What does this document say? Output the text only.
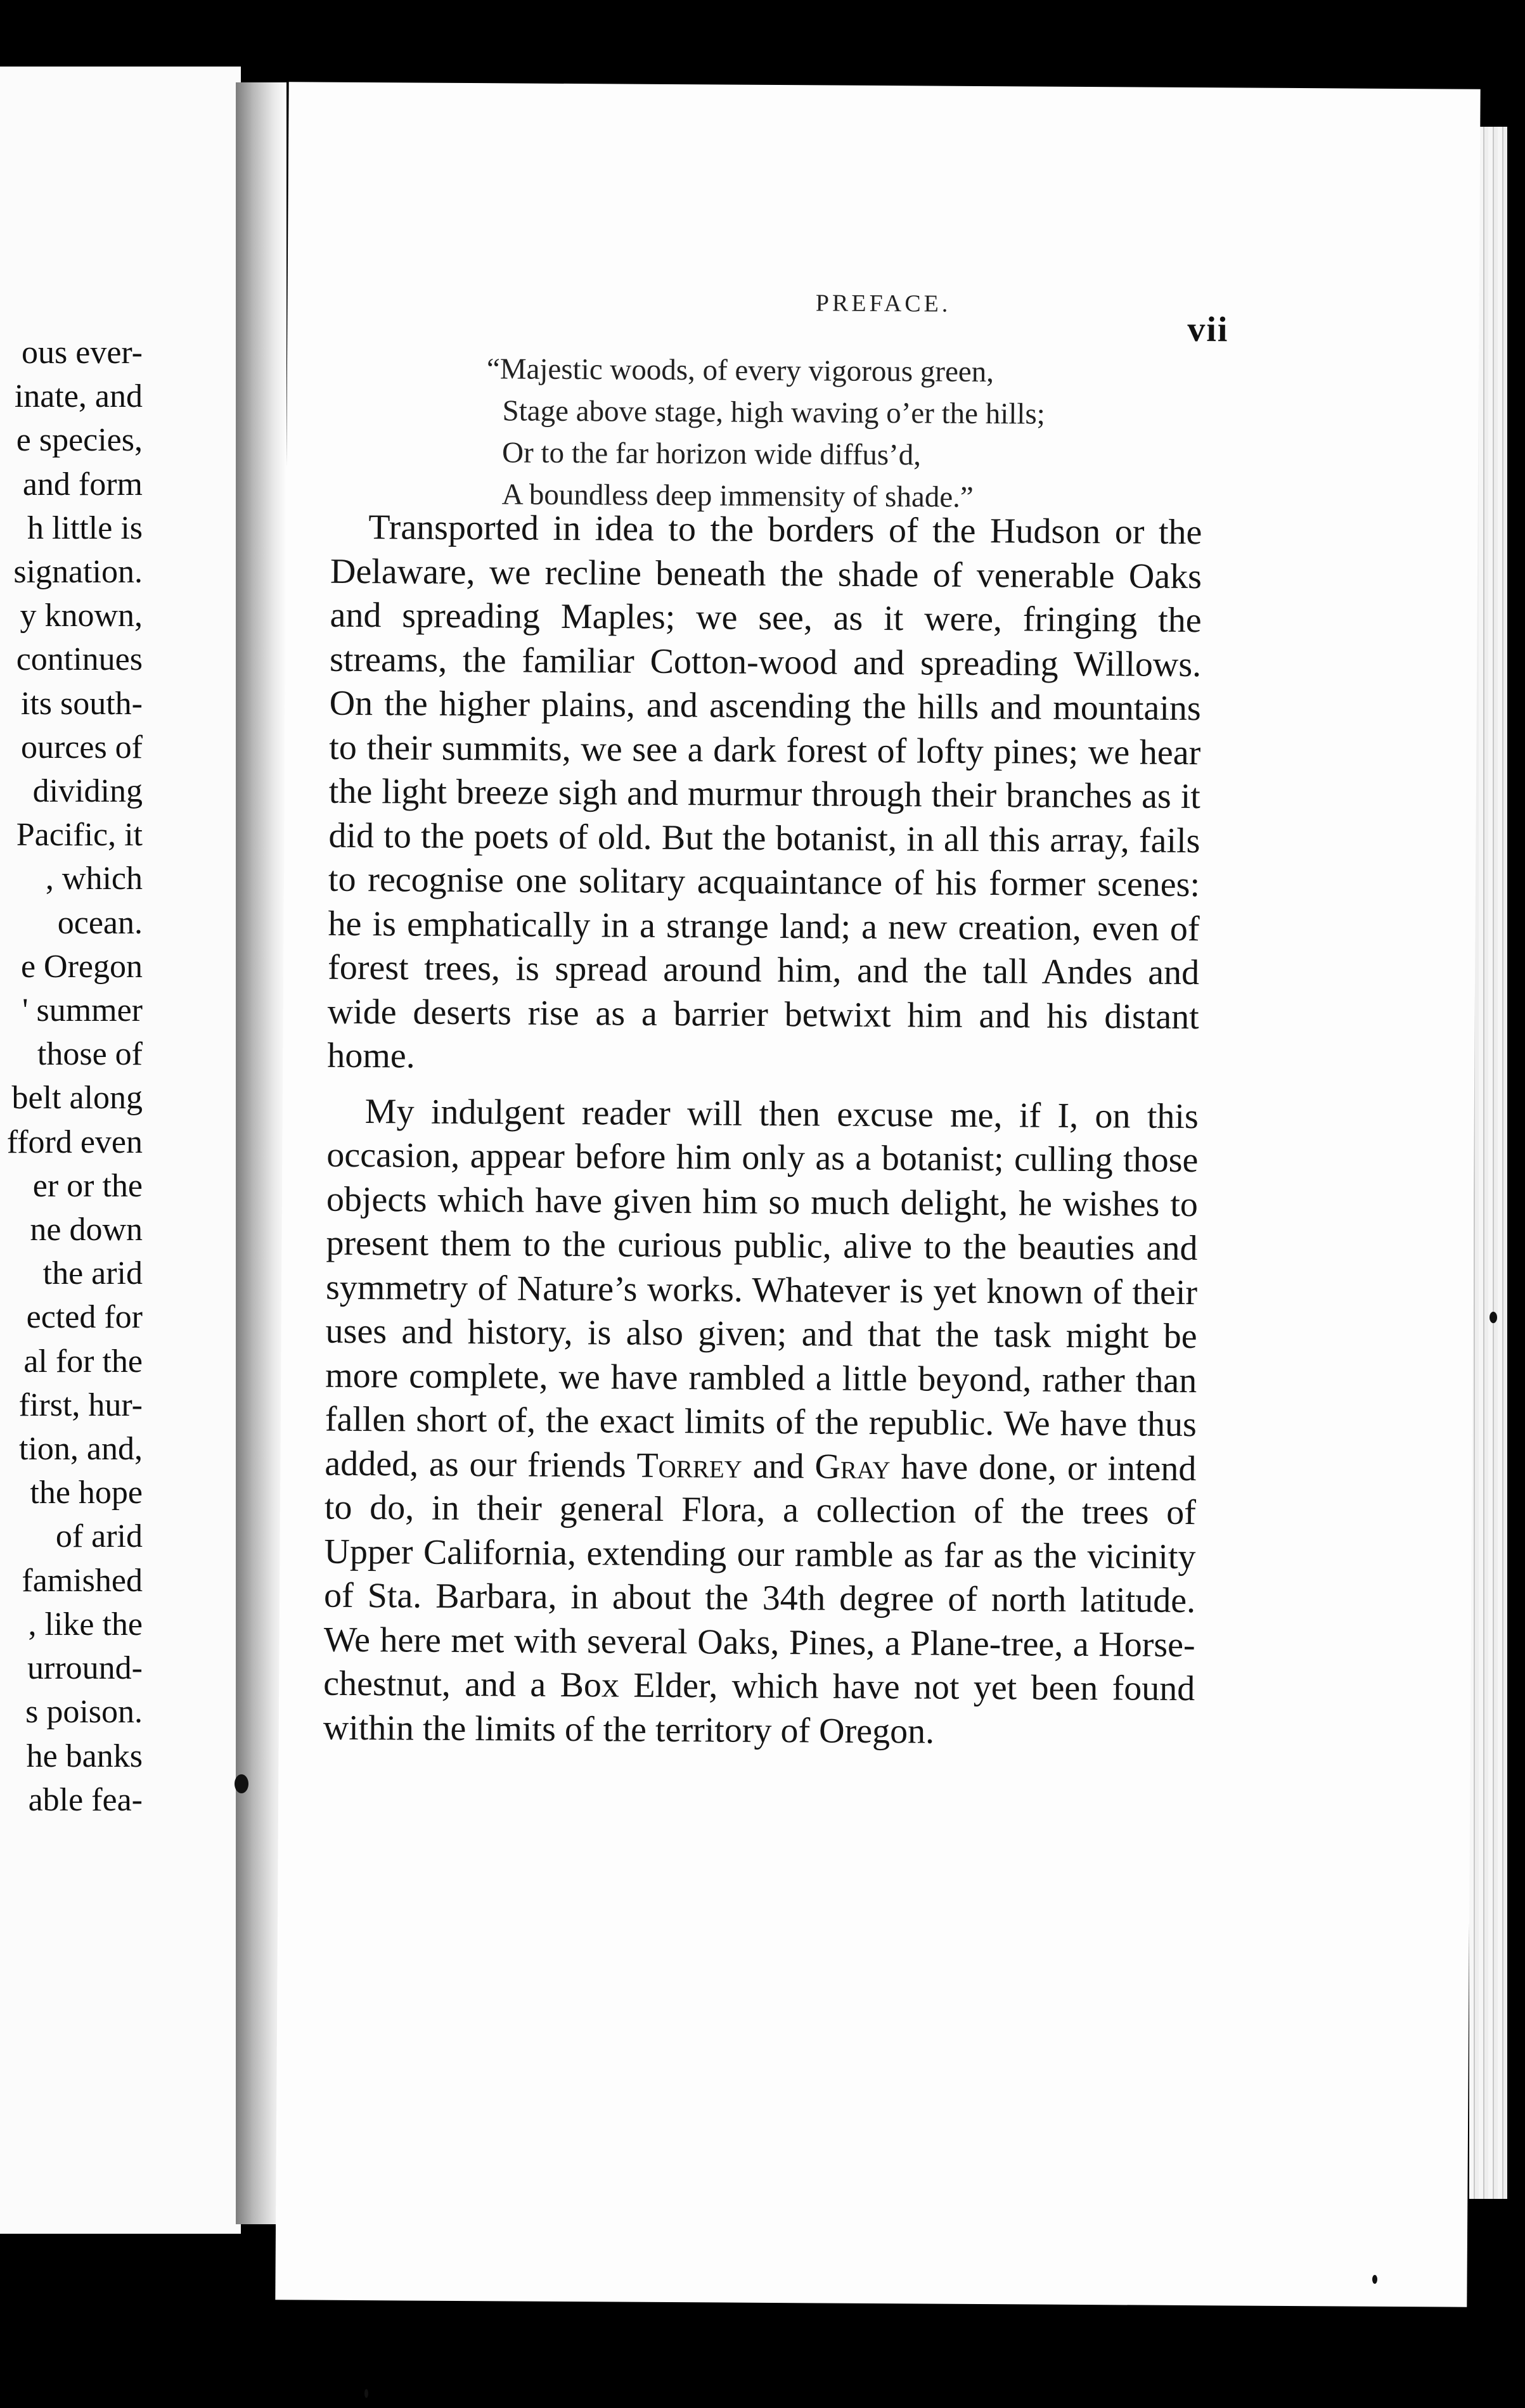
ous ever-
inate, and
e species,
and form
h little is
signation.
y known,
continues
its south-
ources of
dividing
Pacific, it
, which
ocean.
e Oregon
' summer
those of
belt along
fford even
er or the
ne down
the arid
ected for
al for the
first, hur-
tion, and,
the hope
of arid
famished
, like the
urround-
s poison.
he banks
able fea-
PREFACE.
vii
“Majestic woods, of every vigorous green,
Stage above stage, high waving o’er the hills;
Or to the far horizon wide diffus’d,
A boundless deep immensity of shade.”

Transported in idea to the borders of the Hudson or the Delaware, we recline beneath the shade of venerable Oaks and spreading Maples; we see, as it were, fringing the streams, the familiar Cotton-wood and spreading Willows. On the higher plains, and ascending the hills and mountains to their summits, we see a dark forest of lofty pines; we hear the light breeze sigh and murmur through their branches as it did to the poets of old. But the botanist, in all this array, fails to recognise one solitary acquaintance of his former scenes: he is emphatically in a strange land; a new creation, even of forest trees, is spread around him, and the tall Andes and wide deserts rise as a barrier betwixt him and his distant home.

My indulgent reader will then excuse me, if I, on this occasion, appear before him only as a botanist; culling those objects which have given him so much delight, he wishes to present them to the curious public, alive to the beauties and symmetry of Nature’s works. Whatever is yet known of their uses and history, is also given; and that the task might be more complete, we have rambled a little beyond, rather than fallen short of, the exact limits of the republic. We have thus added, as our friends Torrey and Gray have done, or intend to do, in their general Flora, a collection of the trees of Upper California, extending our ramble as far as the vicinity of Sta. Barbara, in about the 34th degree of north latitude. We here met with several Oaks, Pines, a Plane-tree, a Horse-chestnut, and a Box Elder, which have not yet been found within the limits of the territory of Oregon.
